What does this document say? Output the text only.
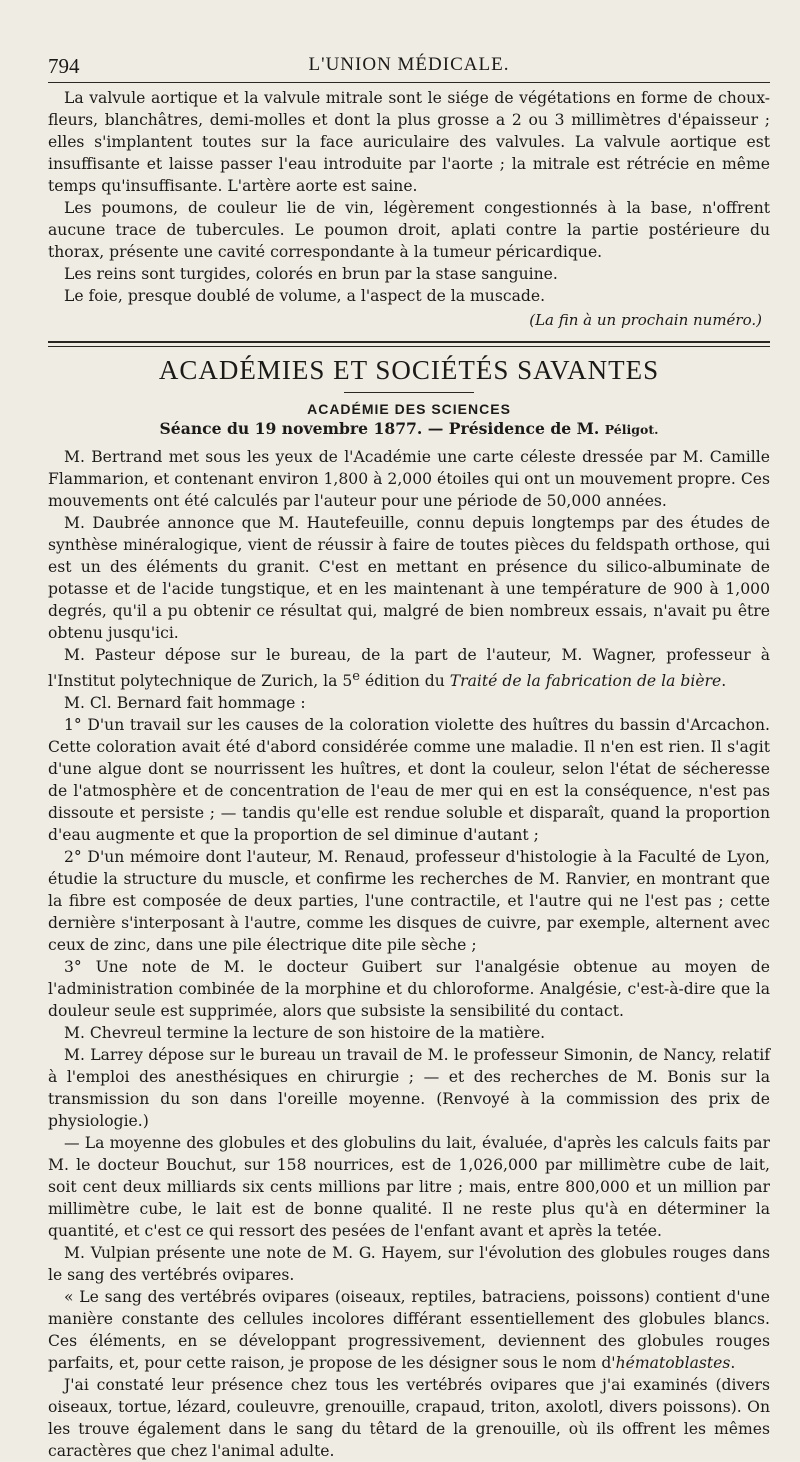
794	L'UNION MÉDICALE.

La valvule aortique et la valvule mitrale sont le siége de végétations en forme de choux-fleurs, blanchâtres, demi-molles et dont la plus grosse a 2 ou 3 millimètres d'épaisseur ; elles s'implantent toutes sur la face auriculaire des valvules. La valvule aortique est insuffisante et laisse passer l'eau introduite par l'aorte ; la mitrale est rétrécie en même temps qu'insuffisante. L'artère aorte est saine.

Les poumons, de couleur lie de vin, légèrement congestionnés à la base, n'offrent aucune trace de tubercules. Le poumon droit, aplati contre la partie postérieure du thorax, présente une cavité correspondante à la tumeur péricardique.

Les reins sont turgides, colorés en brun par la stase sanguine.

Le foie, presque doublé de volume, a l'aspect de la muscade.

(La fin à un prochain numéro.)
ACADÉMIES ET SOCIÉTÉS SAVANTES
ACADÉMIE DES SCIENCES
Séance du 19 novembre 1877. — Présidence de M. Péligot.

M. Bertrand met sous les yeux de l'Académie une carte céleste dressée par M. Camille Flammarion, et contenant environ 1,800 à 2,000 étoiles qui ont un mouvement propre. Ces mouvements ont été calculés par l'auteur pour une période de 50,000 années.

M. Daubrée annonce que M. Hautefeuille, connu depuis longtemps par des études de synthèse minéralogique, vient de réussir à faire de toutes pièces du feldspath orthose, qui est un des éléments du granit. C'est en mettant en présence du silico-albuminate de potasse et de l'acide tungstique, et en les maintenant à une température de 900 à 1,000 degrés, qu'il a pu obtenir ce résultat qui, malgré de bien nombreux essais, n'avait pu être obtenu jusqu'ici.

M. Pasteur dépose sur le bureau, de la part de l'auteur, M. Wagner, professeur à l'Institut polytechnique de Zurich, la 5e édition du Traité de la fabrication de la bière.

M. Cl. Bernard fait hommage :

1° D'un travail sur les causes de la coloration violette des huîtres du bassin d'Arcachon. Cette coloration avait été d'abord considérée comme une maladie. Il n'en est rien. Il s'agit d'une algue dont se nourrissent les huîtres, et dont la couleur, selon l'état de sécheresse de l'atmosphère et de concentration de l'eau de mer qui en est la conséquence, n'est pas dissoute et persiste ; — tandis qu'elle est rendue soluble et disparaît, quand la proportion d'eau augmente et que la proportion de sel diminue d'autant ;

2° D'un mémoire dont l'auteur, M. Renaud, professeur d'histologie à la Faculté de Lyon, étudie la structure du muscle, et confirme les recherches de M. Ranvier, en montrant que la fibre est composée de deux parties, l'une contractile, et l'autre qui ne l'est pas ; cette dernière s'interposant à l'autre, comme les disques de cuivre, par exemple, alternent avec ceux de zinc, dans une pile électrique dite pile sèche ;

3° Une note de M. le docteur Guibert sur l'analgésie obtenue au moyen de l'administration combinée de la morphine et du chloroforme. Analgésie, c'est-à-dire que la douleur seule est supprimée, alors que subsiste la sensibilité du contact.

M. Chevreul termine la lecture de son histoire de la matière.

M. Larrey dépose sur le bureau un travail de M. le professeur Simonin, de Nancy, relatif à l'emploi des anesthésiques en chirurgie ; — et des recherches de M. Bonis sur la transmission du son dans l'oreille moyenne. (Renvoyé à la commission des prix de physiologie.)

— La moyenne des globules et des globulins du lait, évaluée, d'après les calculs faits par M. le docteur Bouchut, sur 158 nourrices, est de 1,026,000 par millimètre cube de lait, soit cent deux milliards six cents millions par litre ; mais, entre 800,000 et un million par millimètre cube, le lait est de bonne qualité. Il ne reste plus qu'à en déterminer la quantité, et c'est ce qui ressort des pesées de l'enfant avant et après la tetée.

M. Vulpian présente une note de M. G. Hayem, sur l'évolution des globules rouges dans le sang des vertébrés ovipares.

« Le sang des vertébrés ovipares (oiseaux, reptiles, batraciens, poissons) contient d'une manière constante des cellules incolores différant essentiellement des globules blancs. Ces éléments, en se développant progressivement, deviennent des globules rouges parfaits, et, pour cette raison, je propose de les désigner sous le nom d'hématoblastes.

J'ai constaté leur présence chez tous les vertébrés ovipares que j'ai examinés (divers oiseaux, tortue, lézard, couleuvre, grenouille, crapaud, triton, axolotl, divers poissons). On les trouve également dans le sang du têtard de la grenouille, où ils offrent les mêmes caractères que chez l'animal adulte.
